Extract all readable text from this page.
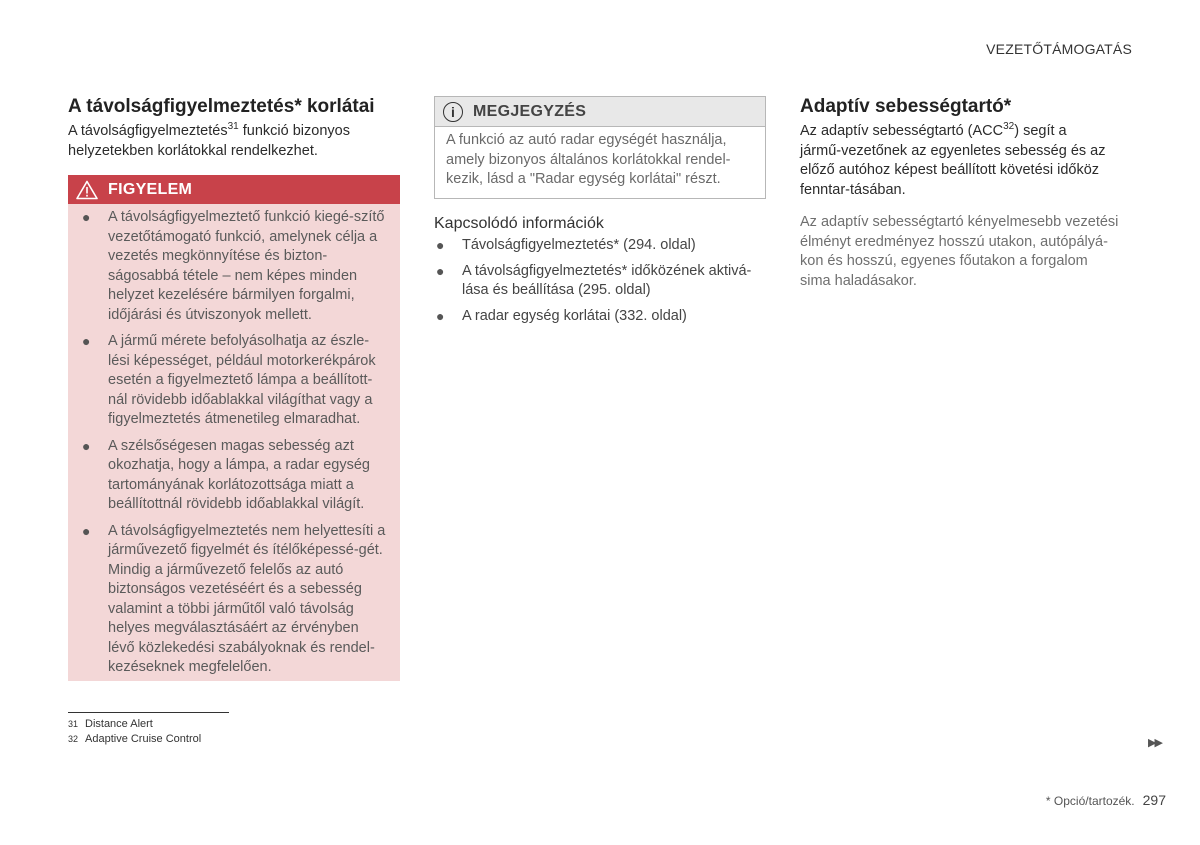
VEZETŐTÁMOGATÁS
A távolságfigyelmeztetés* korlátai

A távolságfigyelmeztetés$^{31}$ funkció bizonyos helyzetekben korlátokkal rendelkezhet.

FIGYELEM
● A távolságfigyelmeztető funkció kiegé-szítő vezetőtámogató funkció, amelynek célja a vezetés megkönnyítése és bizton-ságosabbá tétele – nem képes minden helyzet kezelésére bármilyen forgalmi, időjárási és útviszonyok mellett.
● A jármű mérete befolyásolhatja az észle-lési képességet, például motorkerékpárok esetén a figyelmeztető lámpa a beállított-nál rövidebb időablakkal világíthat vagy a figyelmeztetés átmenetileg elmaradhat.
● A szélsőségesen magas sebesség azt okozhatja, hogy a lámpa, a radar egység tartományának korlátozottsága miatt a beállítottnál rövidebb időablakkal világít.
● A távolságfigyelmeztetés nem helyettesíti a járművezető figyelmét és ítélőképessé-gét. Mindig a járművezető felelős az autó biztonságos vezetéséért és a sebesség valamint a többi járműtől való távolság helyes megválasztásáért az érvényben lévő közlekedési szabályoknak és rendel-kezéseknek megfelelően.
i	MEGJEGYZÉS
A funkció az autó radar egységét használja, amely bizonyos általános korlátokkal rendel-kezik, lásd a "Radar egység korlátai" részt.
Kapcsolódó információk
● Távolságfigyelmeztetés* (294. oldal)
● A távolságfigyelmeztetés* időközének aktivá-lása és beállítása (295. oldal)
● A radar egység korlátai (332. oldal)
Adaptív sebességtartó*

Az adaptív sebességtartó (ACC$^{32}$) segít a jármű-vezetőnek az egyenletes sebesség és az előző autóhoz képest beállított követési időköz fenntar-tásában.

Az adaptív sebességtartó kényelmesebb vezetési élményt eredményez hosszú utakon, autópályá-kon és hosszú, egyenes főutakon a forgalom sima haladásakor.

31 Distance Alert
32 Adaptive Cruise Control	▶▶
* Opció/tartozék. 297
